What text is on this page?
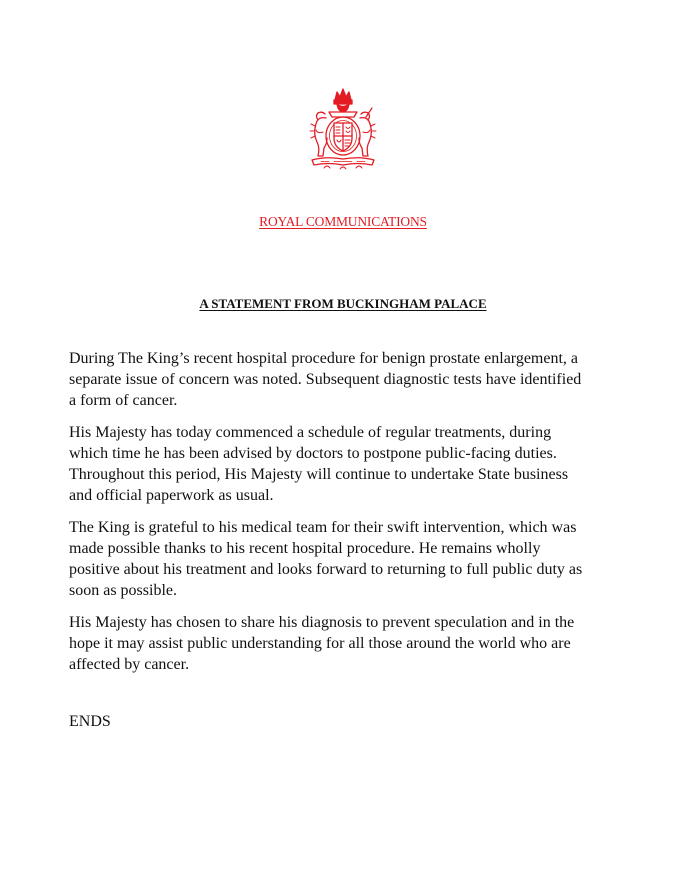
ROYAL COMMUNICATIONS
A STATEMENT FROM BUCKINGHAM PALACE

During The King’s recent hospital procedure for benign prostate enlargement, a
separate issue of concern was noted. Subsequent diagnostic tests have identified
a form of cancer.

His Majesty has today commenced a schedule of regular treatments, during
which time he has been advised by doctors to postpone public-facing duties.
Throughout this period, His Majesty will continue to undertake State business
and official paperwork as usual.

The King is grateful to his medical team for their swift intervention, which was
made possible thanks to his recent hospital procedure. He remains wholly
positive about his treatment and looks forward to returning to full public duty as
soon as possible.

His Majesty has chosen to share his diagnosis to prevent speculation and in the
hope it may assist public understanding for all those around the world who are
affected by cancer.

ENDS
